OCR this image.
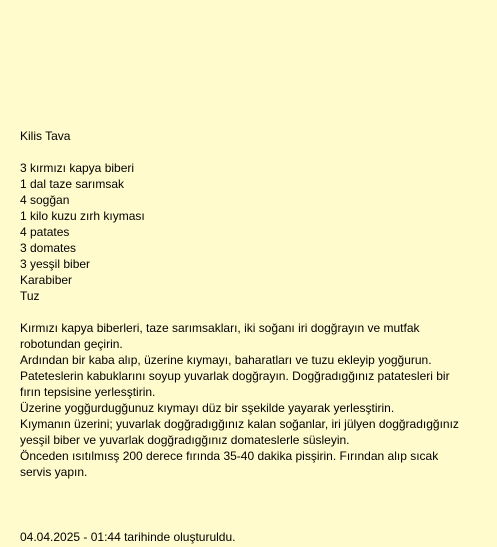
Kilis Tava
3 kırmızı kapya biberi
1 dal taze sarımsak
4 sogğan
1 kilo kuzu zırh kıyması
4 patates
3 domates
3 yesşil biber
Karabiber
Tuz

Kırmızı kapya biberleri, taze sarımsakları, iki soğanı iri dogğrayın ve mutfak robotundan geçirin.

Ardından bir kaba alıp, üzerine kıymayı, baharatları ve tuzu ekleyip yogğurun.

Pateteslerin kabuklarını soyup yuvarlak dogğrayın. Dogğradıgğınız patatesleri bir fırın tepsisine yerlesştirin.

Üzerine yogğurdugğunuz kıymayı düz bir sşekilde yayarak yerlesştirin.

Kıymanın üzerini; yuvarlak dogğradıgğınız kalan soğanlar, iri jülyen dogğradıgğınız yesşil biber ve yuvarlak dogğradıgğınız domateslerle süsleyin.

Önceden ısıtılmısş 200 derece fırında 35-40 dakika pisşirin. Fırından alıp sıcak servis yapın.

04.04.2025 - 01:44 tarihinde oluşturuldu.
